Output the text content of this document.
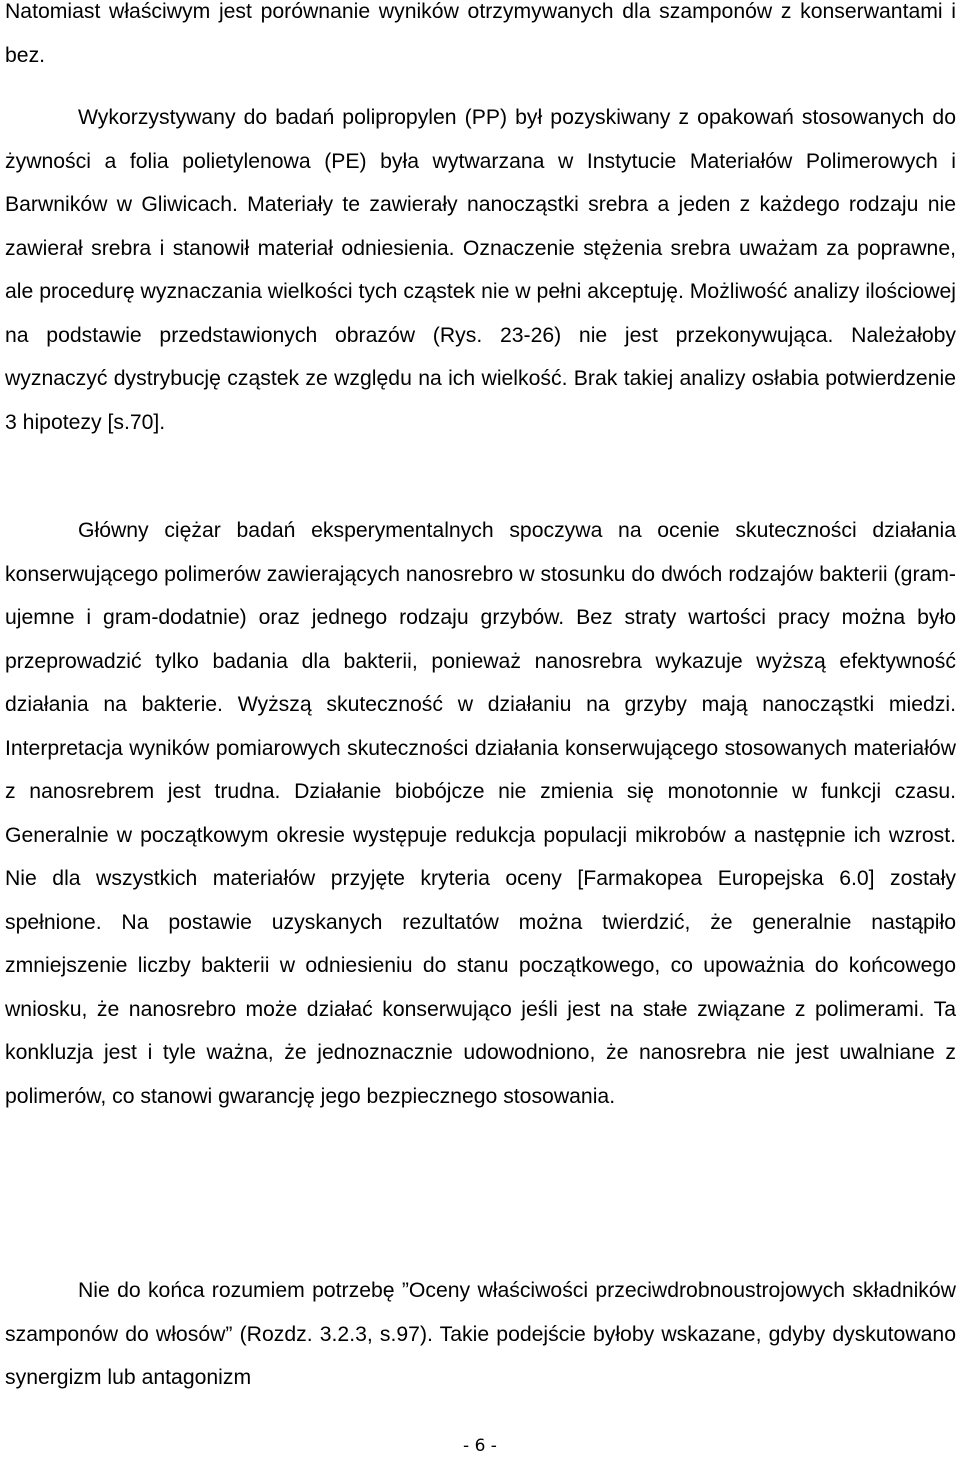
Natomiast właściwym jest porównanie wyników otrzymywanych dla szamponów z konserwantami i bez.

Wykorzystywany do badań polipropylen (PP) był pozyskiwany z opakowań stosowanych do żywności a folia polietylenowa (PE) była wytwarzana w Instytucie Materiałów Polimerowych i Barwników w Gliwicach. Materiały te zawierały nanocząstki srebra a jeden z każdego rodzaju nie zawierał srebra i stanowił materiał odniesienia. Oznaczenie stężenia srebra uważam za poprawne, ale procedurę wyznaczania wielkości tych cząstek nie w pełni akceptuję. Możliwość analizy ilościowej na podstawie przedstawionych obrazów (Rys. 23-26) nie jest przekonywująca. Należałoby wyznaczyć dystrybucję cząstek ze względu na ich wielkość. Brak takiej analizy osłabia potwierdzenie 3 hipotezy [s.70].

Główny ciężar badań eksperymentalnych spoczywa na ocenie skuteczności działania konserwującego polimerów zawierających nanosrebro w stosunku do dwóch rodzajów bakterii (gram-ujemne i gram-dodatnie) oraz jednego rodzaju grzybów. Bez straty wartości pracy można było przeprowadzić tylko badania dla bakterii, ponieważ nanosrebra wykazuje wyższą efektywność działania na bakterie. Wyższą skuteczność w działaniu na grzyby mają nanocząstki miedzi. Interpretacja wyników pomiarowych skuteczności działania konserwującego stosowanych materiałów z nanosrebrem jest trudna. Działanie biobójcze nie zmienia się monotonnie w funkcji czasu. Generalnie w początkowym okresie występuje redukcja populacji mikrobów a następnie ich wzrost. Nie dla wszystkich materiałów przyjęte kryteria oceny [Farmakopea Europejska 6.0] zostały spełnione. Na postawie uzyskanych rezultatów można twierdzić, że generalnie nastąpiło zmniejszenie liczby bakterii w odniesieniu do stanu początkowego, co upoważnia do końcowego wniosku, że nanosrebro może działać konserwująco jeśli jest na stałe związane z polimerami. Ta konkluzja jest i tyle ważna, że jednoznacznie udowodniono, że nanosrebra nie jest uwalniane z polimerów, co stanowi gwarancję jego bezpiecznego stosowania.

Nie do końca rozumiem potrzebę ”Oceny właściwości przeciwdrobnoustrojowych składników szamponów do włosów” (Rozdz. 3.2.3, s.97). Takie podejście byłoby wskazane, gdyby dyskutowano synergizm lub antagonizm

- 6 -
